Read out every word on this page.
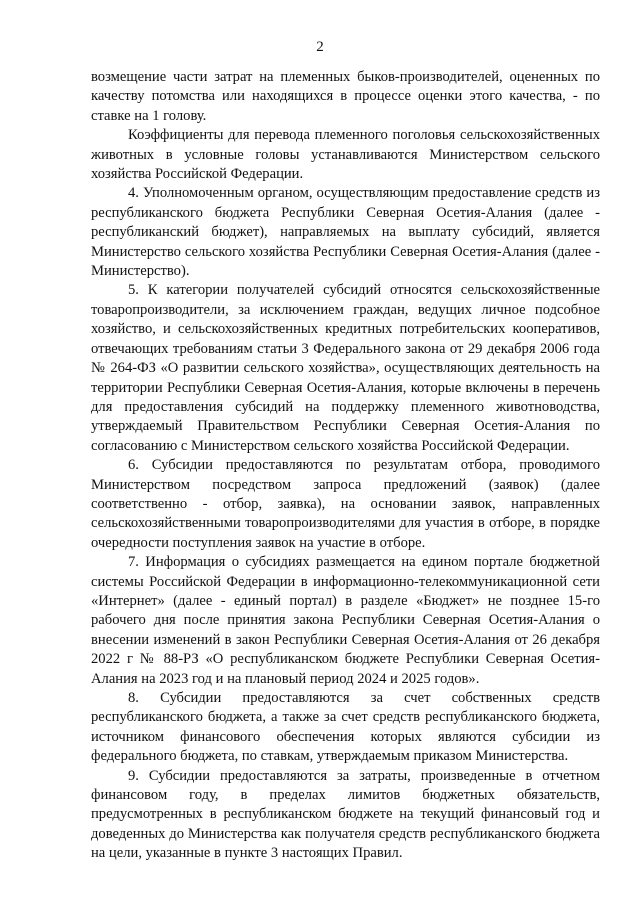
2

возмещение части затрат на племенных быков-производителей, оцененных по качеству потомства или находящихся в процессе оценки этого качества, - по ставке на 1 голову.

Коэффициенты для перевода племенного поголовья сельскохозяйственных животных в условные головы устанавливаются Министерством сельского хозяйства Российской Федерации.

4. Уполномоченным органом, осуществляющим предоставление средств из республиканского бюджета Республики Северная Осетия-Алания (далее - республиканский бюджет), направляемых на выплату субсидий, является Министерство сельского хозяйства Республики Северная Осетия-Алания (далее - Министерство).

5. К категории получателей субсидий относятся сельскохозяйственные товаропроизводители, за исключением граждан, ведущих личное подсобное хозяйство, и сельскохозяйственных кредитных потребительских кооперативов, отвечающих требованиям статьи 3 Федерального закона от 29 декабря 2006 года № 264-ФЗ «О развитии сельского хозяйства», осуществляющих деятельность на территории Республики Северная Осетия-Алания, которые включены в перечень для предоставления субсидий на поддержку племенного животноводства, утверждаемый Правительством Республики Северная Осетия-Алания по согласованию с Министерством сельского хозяйства Российской Федерации.

6. Субсидии предоставляются по результатам отбора, проводимого Министерством посредством запроса предложений (заявок) (далее соответственно - отбор, заявка), на основании заявок, направленных сельскохозяйственными товаропроизводителями для участия в отборе, в порядке очередности поступления заявок на участие в отборе.

7. Информация о субсидиях размещается на едином портале бюджетной системы Российской Федерации в информационно-телекоммуникационной сети «Интернет» (далее - единый портал) в разделе «Бюджет» не позднее 15-го рабочего дня после принятия закона Республики Северная Осетия-Алания о внесении изменений в закон Республики Северная Осетия-Алания от 26 декабря 2022 г № 88-РЗ «О республиканском бюджете Республики Северная Осетия-Алания на 2023 год и на плановый период 2024 и 2025 годов».

8. Субсидии предоставляются за счет собственных средств республиканского бюджета, а также за счет средств республиканского бюджета, источником финансового обеспечения которых являются субсидии из федерального бюджета, по ставкам, утверждаемым приказом Министерства.

9. Субсидии предоставляются за затраты, произведенные в отчетном финансовом году, в пределах лимитов бюджетных обязательств, предусмотренных в республиканском бюджете на текущий финансовый год и доведенных до Министерства как получателя средств республиканского бюджета на цели, указанные в пункте 3 настоящих Правил.
